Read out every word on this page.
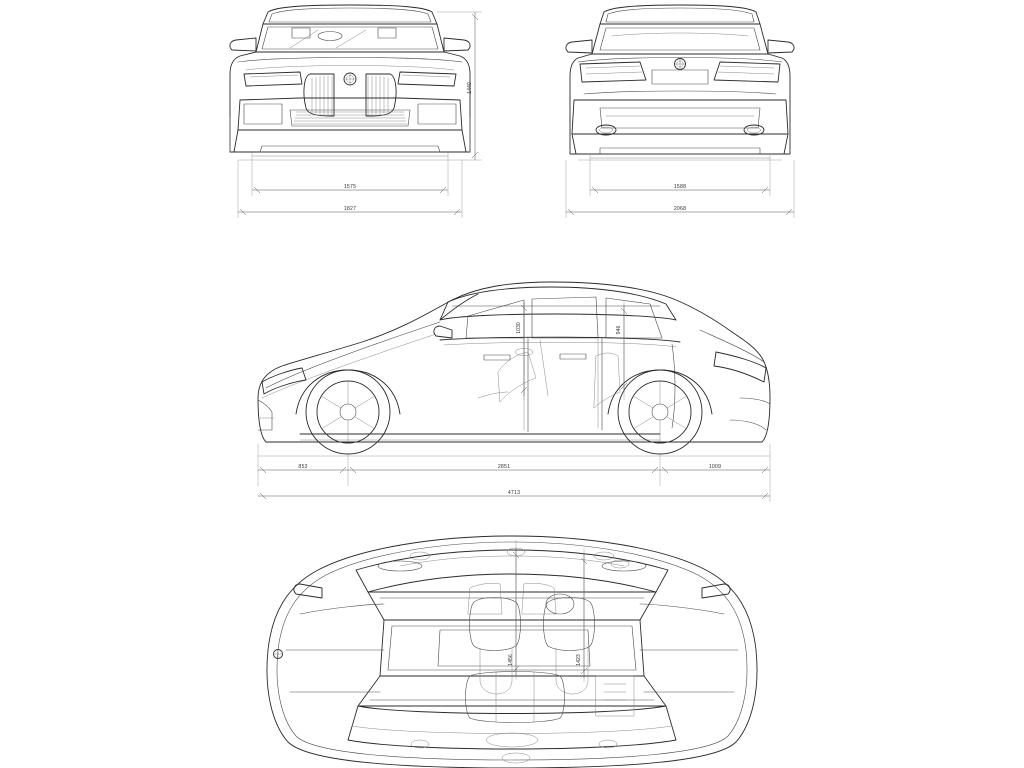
1440
1575
1827
1588
2068
1030	946
853	2851	1009
4713
1456	1423
